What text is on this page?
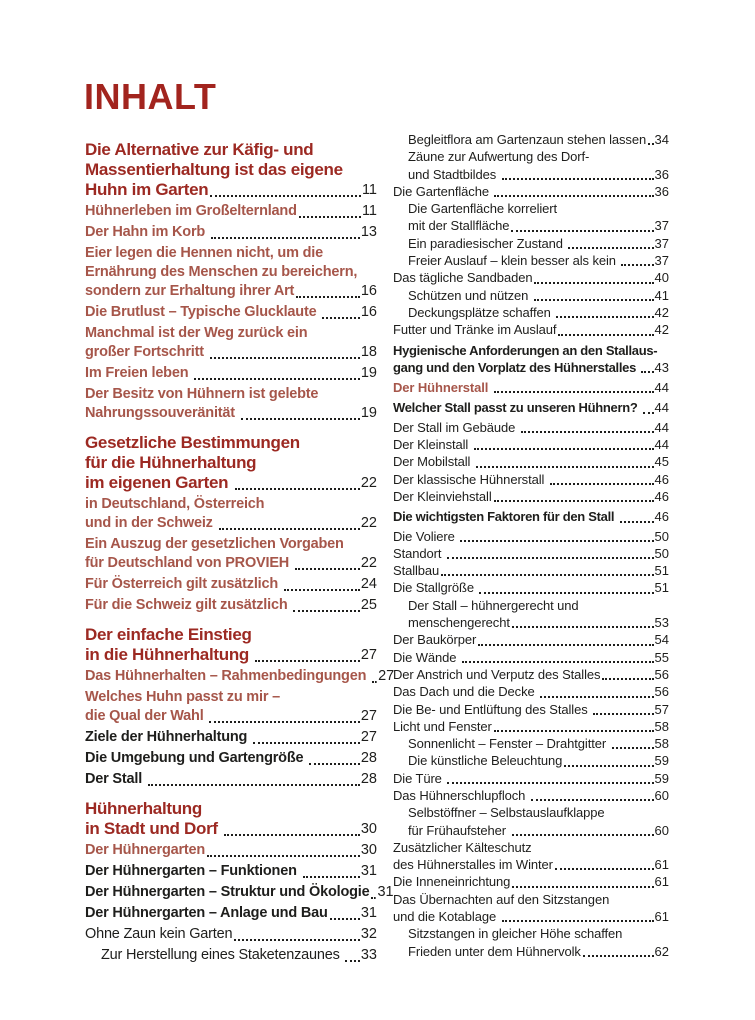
INHALT
Die Alternative zur Käfig- und
Massentierhaltung ist das eigene
Huhn im Garten	11
Hühnerleben im Großelternland	11
Der Hahn im Korb	13
Eier legen die Hennen nicht, um die
Ernährung des Menschen zu bereichern,
sondern zur Erhaltung ihrer Art	16
Die Brutlust – Typische Glucklaute	16
Manchmal ist der Weg zurück ein
großer Fortschritt	18
Im Freien leben	19
Der Besitz von Hühnern ist gelebte
Nahrungssouveränität	19
Gesetzliche Bestimmungen
für die Hühnerhaltung
im eigenen Garten	22
in Deutschland, Österreich
und in der Schweiz	22
Ein Auszug der gesetzlichen Vorgaben
für Deutschland von PROVIEH	22
Für Österreich gilt zusätzlich	24
Für die Schweiz gilt zusätzlich	25
Der einfache Einstieg
in die Hühnerhaltung	27
Das Hühnerhalten – Rahmenbedingungen 27
Welches Huhn passt zu mir –
die Qual der Wahl	27
Ziele der Hühnerhaltung	27
Die Umgebung und Gartengröße	28
Der Stall	28
Hühnerhaltung
in Stadt und Dorf	30
Der Hühnergarten	30
Der Hühnergarten – Funktionen	31
Der Hühnergarten – Struktur und Ökologie 31
Der Hühnergarten – Anlage und Bau 31
Ohne Zaun kein Garten	32
Zur Herstellung eines Staketenzaunes 33
Begleitflora am Gartenzaun stehen lassen 34
Zäune zur Aufwertung des Dorf-
und Stadtbildes	36
Die Gartenfläche	36
Die Gartenfläche korreliert
mit der Stallfläche	37
Ein paradiesischer Zustand	37
Freier Auslauf – klein besser als kein	37
Das tägliche Sandbaden	40
Schützen und nützen	41
Deckungsplätze schaffen	42
Futter und Tränke im Auslauf	42
Hygienische Anforderungen an den Stallaus-
gang und den Vorplatz des Hühnerstalles 43
Der Hühnerstall	44
Welcher Stall passt zu unseren Hühnern? 44
Der Stall im Gebäude	44
Der Kleinstall	44
Der Mobilstall	45
Der klassische Hühnerstall	46
Der Kleinviehstall	46
Die wichtigsten Faktoren für den Stall	46
Die Voliere	50
Standort	50
Stallbau	51
Die Stallgröße	51
Der Stall – hühnergerecht und
menschengerecht	53
Der Baukörper	54
Die Wände	55
Der Anstrich und Verputz des Stalles	56
Das Dach und die Decke	56
Die Be- und Entlüftung des Stalles	57
Licht und Fenster	58
Sonnenlicht – Fenster – Drahtgitter	58
Die künstliche Beleuchtung	59
Die Türe	59
Das Hühnerschlupfloch	60
Selbstöffner – Selbstauslaufklappe
für Frühaufsteher	60
Zusätzlicher Kälteschutz
des Hühnerstalles im Winter	61
Die Inneneinrichtung	61
Das Übernachten auf den Sitzstangen
und die Kotablage	61
Sitzstangen in gleicher Höhe schaffen
Frieden unter dem Hühnervolk	62
